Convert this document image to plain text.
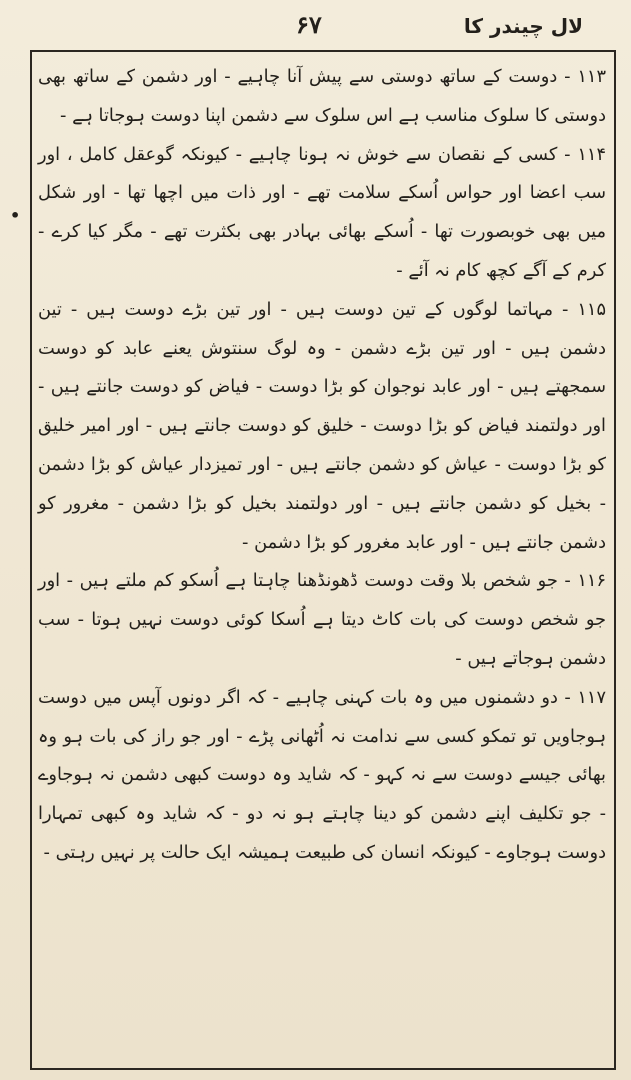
لال چیندر کا
۶۷
•

۱۱۳ - دوست کے ساتھ دوستی سے پیش آنا چاہیے - اور دشمن کے ساتھ بھی دوستی کا سلوک مناسب ہے اس سلوک سے دشمن اپنا دوست ہوجاتا ہے -

۱۱۴ - کسی کے نقصان سے خوش نہ ہونا چاہیے - کیونکہ گوعقل کامل ، اور سب اعضا اور حواس اُسکے سلامت تھے - اور ذات میں اچھا تھا - اور شکل میں بھی خوبصورت تھا - اُسکے بھائی بہادر بھی بکثرت تھے - مگر کیا کرے - کرم کے آگے کچھ کام نہ آئے -

۱۱۵ - مہاتما لوگوں کے تین دوست ہیں - اور تین بڑے دوست ہیں - تین دشمن ہیں - اور تین بڑے دشمن - وہ لوگ سنتوش یعنے عابد کو دوست سمجھتے ہیں - اور عابد نوجوان کو بڑا دوست - فیاض کو دوست جانتے ہیں - اور دولتمند فیاض کو بڑا دوست - خلیق کو دوست جانتے ہیں - اور امیر خلیق کو بڑا دوست - عیاش کو دشمن جانتے ہیں - اور تمیزدار عیاش کو بڑا دشمن - بخیل کو دشمن جانتے ہیں - اور دولتمند بخیل کو بڑا دشمن - مغرور کو دشمن جانتے ہیں - اور عابد مغرور کو بڑا دشمن -

۱۱۶ - جو شخص بلا وقت دوست ڈھونڈھنا چاہتا ہے اُسکو کم ملتے ہیں - اور جو شخص دوست کی بات کاٹ دیتا ہے اُسکا کوئی دوست نہیں ہوتا - سب دشمن ہوجاتے ہیں -

۱۱۷ - دو دشمنوں میں وہ بات کہنی چاہیے - کہ اگر دونوں آپس میں دوست ہوجاویں تو تمکو کسی سے ندامت نہ اُٹھانی پڑے - اور جو راز کی بات ہو وہ بھائی جیسے دوست سے نہ کہو - کہ شاید وہ دوست کبھی دشمن نہ ہوجاوے - جو تکلیف اپنے دشمن کو دینا چاہتے ہو نہ دو - کہ شاید وہ کبھی تمہارا دوست ہوجاوے - کیونکہ انسان کی طبیعت ہمیشہ ایک حالت پر نہیں رہتی -
